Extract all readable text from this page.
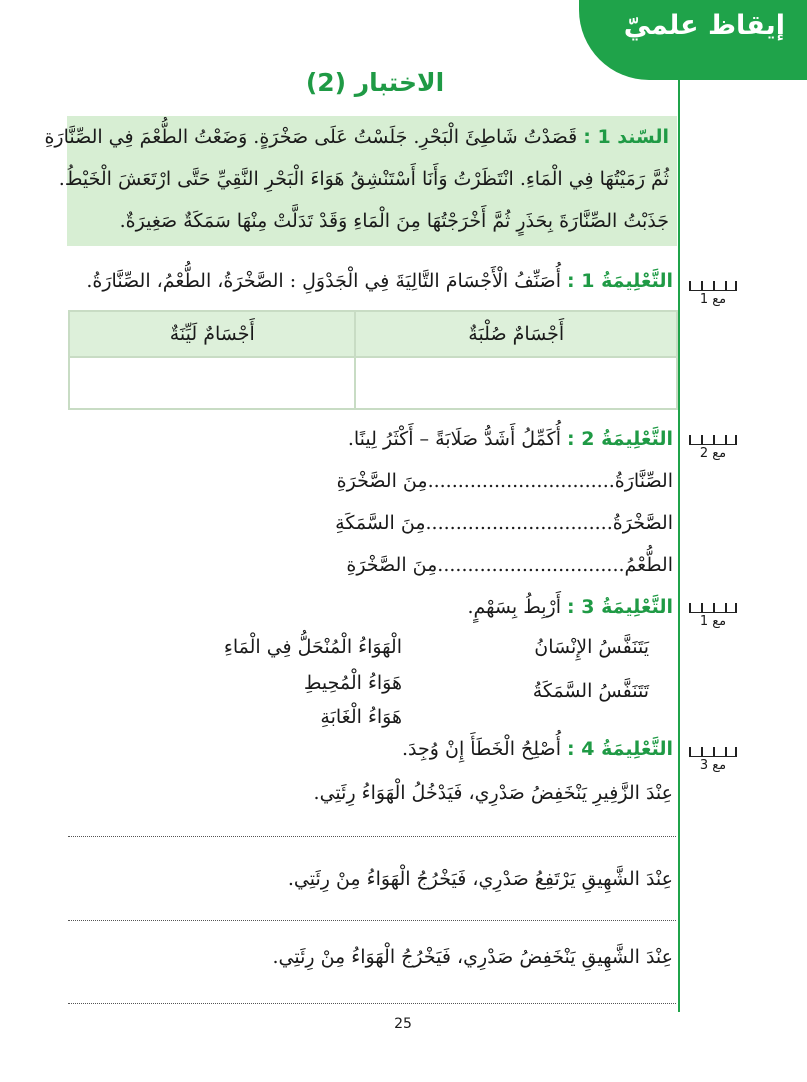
إيقاظ علميّ
الاختبار (2)
السّند 1 : قَصَدْتُ شَاطِئَ الْبَحْرِ. جَلَسْتُ عَلَى صَخْرَةٍ. وَضَعْتُ الطُّعْمَ فِي الصِّنَّارَةِ
ثُمَّ رَمَيْتُهَا فِي الْمَاءِ. انْتَظَرْتُ وَأَنَا أَسْتَنْشِقُ هَوَاءَ الْبَحْرِ النَّقِيِّ حَتَّى ارْتَعَشَ الْخَيْطُ.
جَذَبْتُ الصِّنَّارَةَ بِحَذَرٍ ثُمَّ أَخْرَجْتُهَا مِنَ الْمَاءِ وَقَدْ تَدَلَّتْ مِنْهَا سَمَكَةٌ صَغِيرَةٌ.
التَّعْلِيمَةُ 1 : أُصَنِّفُ الْأَجْسَامَ التَّالِيَةَ فِي الْجَدْوَلِ : الصَّخْرَةُ، الطُّعْمُ، الصِّنَّارَةُ.
مع 1
أَجْسَامٌ صُلْبَةٌ	أَجْسَامٌ لَيِّنَةٌ

التَّعْلِيمَةُ 2 : أُكَمِّلُ أَشَدُّ صَلَابَةً – أَكْثَرُ لِينًا.
مع 2
الصِّنَّارَةُ...............................مِنَ الصَّخْرَةِ
الصَّخْرَةُ...............................مِنَ السَّمَكَةِ
الطُّعْمُ...............................مِنَ الصَّخْرَةِ
التَّعْلِيمَةُ 3 : أَرْبِطُ بِسَهْمٍ.
مع 1
يَتَنَفَّسُ الإِنْسَانُ
تَتَنَفَّسُ السَّمَكَةُ
الْهَوَاءُ الْمُنْحَلُّ فِي الْمَاءِ
هَوَاءُ الْمُحِيطِ
هَوَاءُ الْغَابَةِ
التَّعْلِيمَةُ 4 : أُصْلِحُ الْخَطَأَ إِنْ وُجِدَ.
مع 3
عِنْدَ الزَّفِيرِ يَنْخَفِضُ صَدْرِي، فَيَدْخُلُ الْهَوَاءُ رِئَتِي.
عِنْدَ الشَّهِيقِ يَرْتَفِعُ صَدْرِي، فَيَخْرُجُ الْهَوَاءُ مِنْ رِئَتِي.
عِنْدَ الشَّهِيقِ يَنْخَفِضُ صَدْرِي، فَيَخْرُجُ الْهَوَاءُ مِنْ رِئَتِي.
25
